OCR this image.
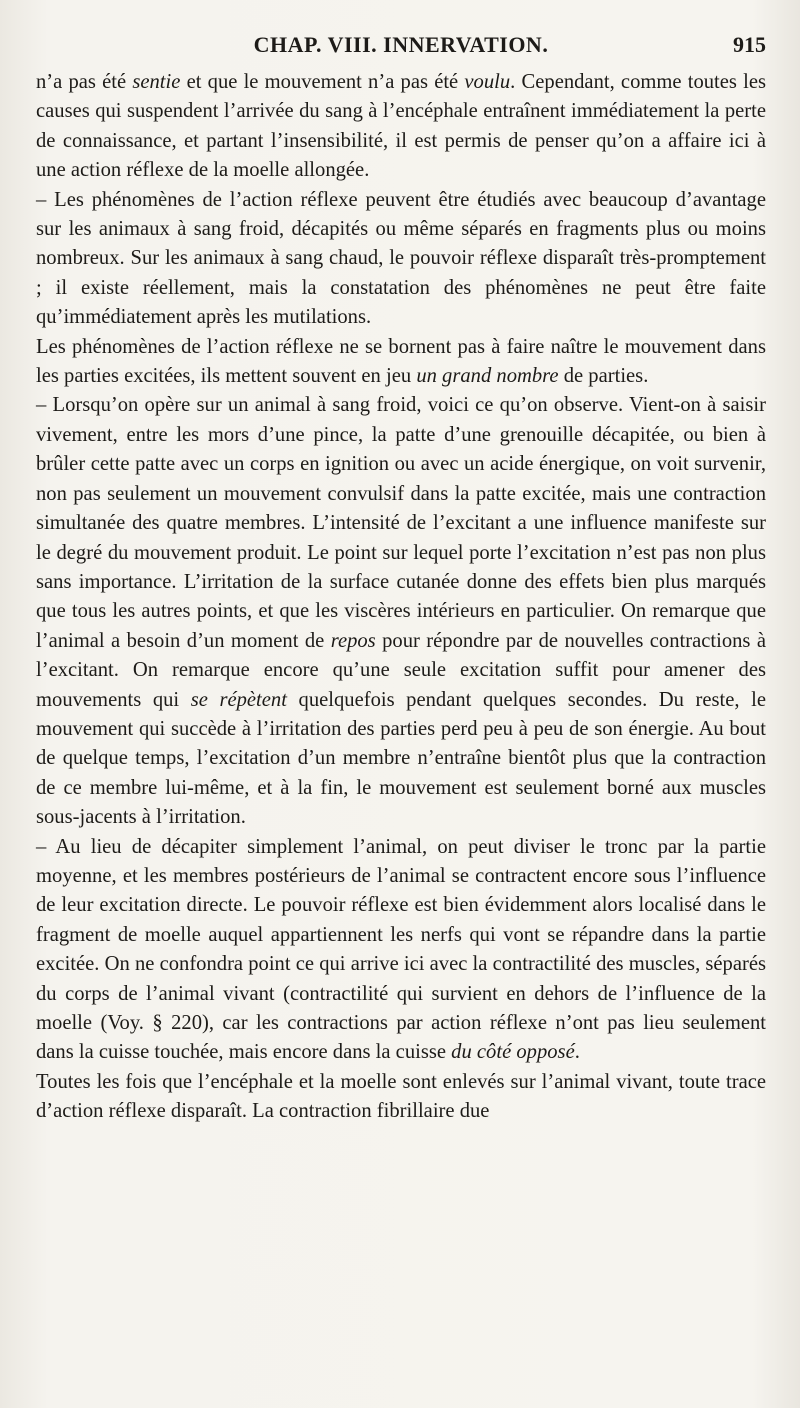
CHAP. VIII. INNERVATION.	915

n’a pas été sentie et que le mouvement n’a pas été voulu. Cependant, comme toutes les causes qui suspendent l’arrivée du sang à l’encéphale entraînent immédiatement la perte de connaissance, et partant l’insensibilité, il est permis de penser qu’on a affaire ici à une action réflexe de la moelle allongée.

– Les phénomènes de l’action réflexe peuvent être étudiés avec beaucoup d’avantage sur les animaux à sang froid, décapités ou même séparés en fragments plus ou moins nombreux. Sur les animaux à sang chaud, le pouvoir réflexe disparaît très-promptement ; il existe réellement, mais la constatation des phénomènes ne peut être faite qu’immédiatement après les mutilations.

Les phénomènes de l’action réflexe ne se bornent pas à faire naître le mouvement dans les parties excitées, ils mettent souvent en jeu un grand nombre de parties.

– Lorsqu’on opère sur un animal à sang froid, voici ce qu’on observe. Vient-on à saisir vivement, entre les mors d’une pince, la patte d’une grenouille décapitée, ou bien à brûler cette patte avec un corps en ignition ou avec un acide énergique, on voit survenir, non pas seulement un mouvement convulsif dans la patte excitée, mais une contraction simultanée des quatre membres. L’intensité de l’excitant a une influence manifeste sur le degré du mouvement produit. Le point sur lequel porte l’excitation n’est pas non plus sans importance. L’irritation de la surface cutanée donne des effets bien plus marqués que tous les autres points, et que les viscères intérieurs en particulier. On remarque que l’animal a besoin d’un moment de repos pour répondre par de nouvelles contractions à l’excitant. On remarque encore qu’une seule excitation suffit pour amener des mouvements qui se répètent quelquefois pendant quelques secondes. Du reste, le mouvement qui succède à l’irritation des parties perd peu à peu de son énergie. Au bout de quelque temps, l’excitation d’un membre n’entraîne bientôt plus que la contraction de ce membre lui-même, et à la fin, le mouvement est seulement borné aux muscles sous-jacents à l’irritation.

– Au lieu de décapiter simplement l’animal, on peut diviser le tronc par la partie moyenne, et les membres postérieurs de l’animal se contractent encore sous l’influence de leur excitation directe. Le pouvoir réflexe est bien évidemment alors localisé dans le fragment de moelle auquel appartiennent les nerfs qui vont se répandre dans la partie excitée. On ne confondra point ce qui arrive ici avec la contractilité des muscles, séparés du corps de l’animal vivant (contractilité qui survient en dehors de l’influence de la moelle (Voy. § 220), car les contractions par action réflexe n’ont pas lieu seulement dans la cuisse touchée, mais encore dans la cuisse du côté opposé.

Toutes les fois que l’encéphale et la moelle sont enlevés sur l’animal vivant, toute trace d’action réflexe disparaît. La contraction fibrillaire due
